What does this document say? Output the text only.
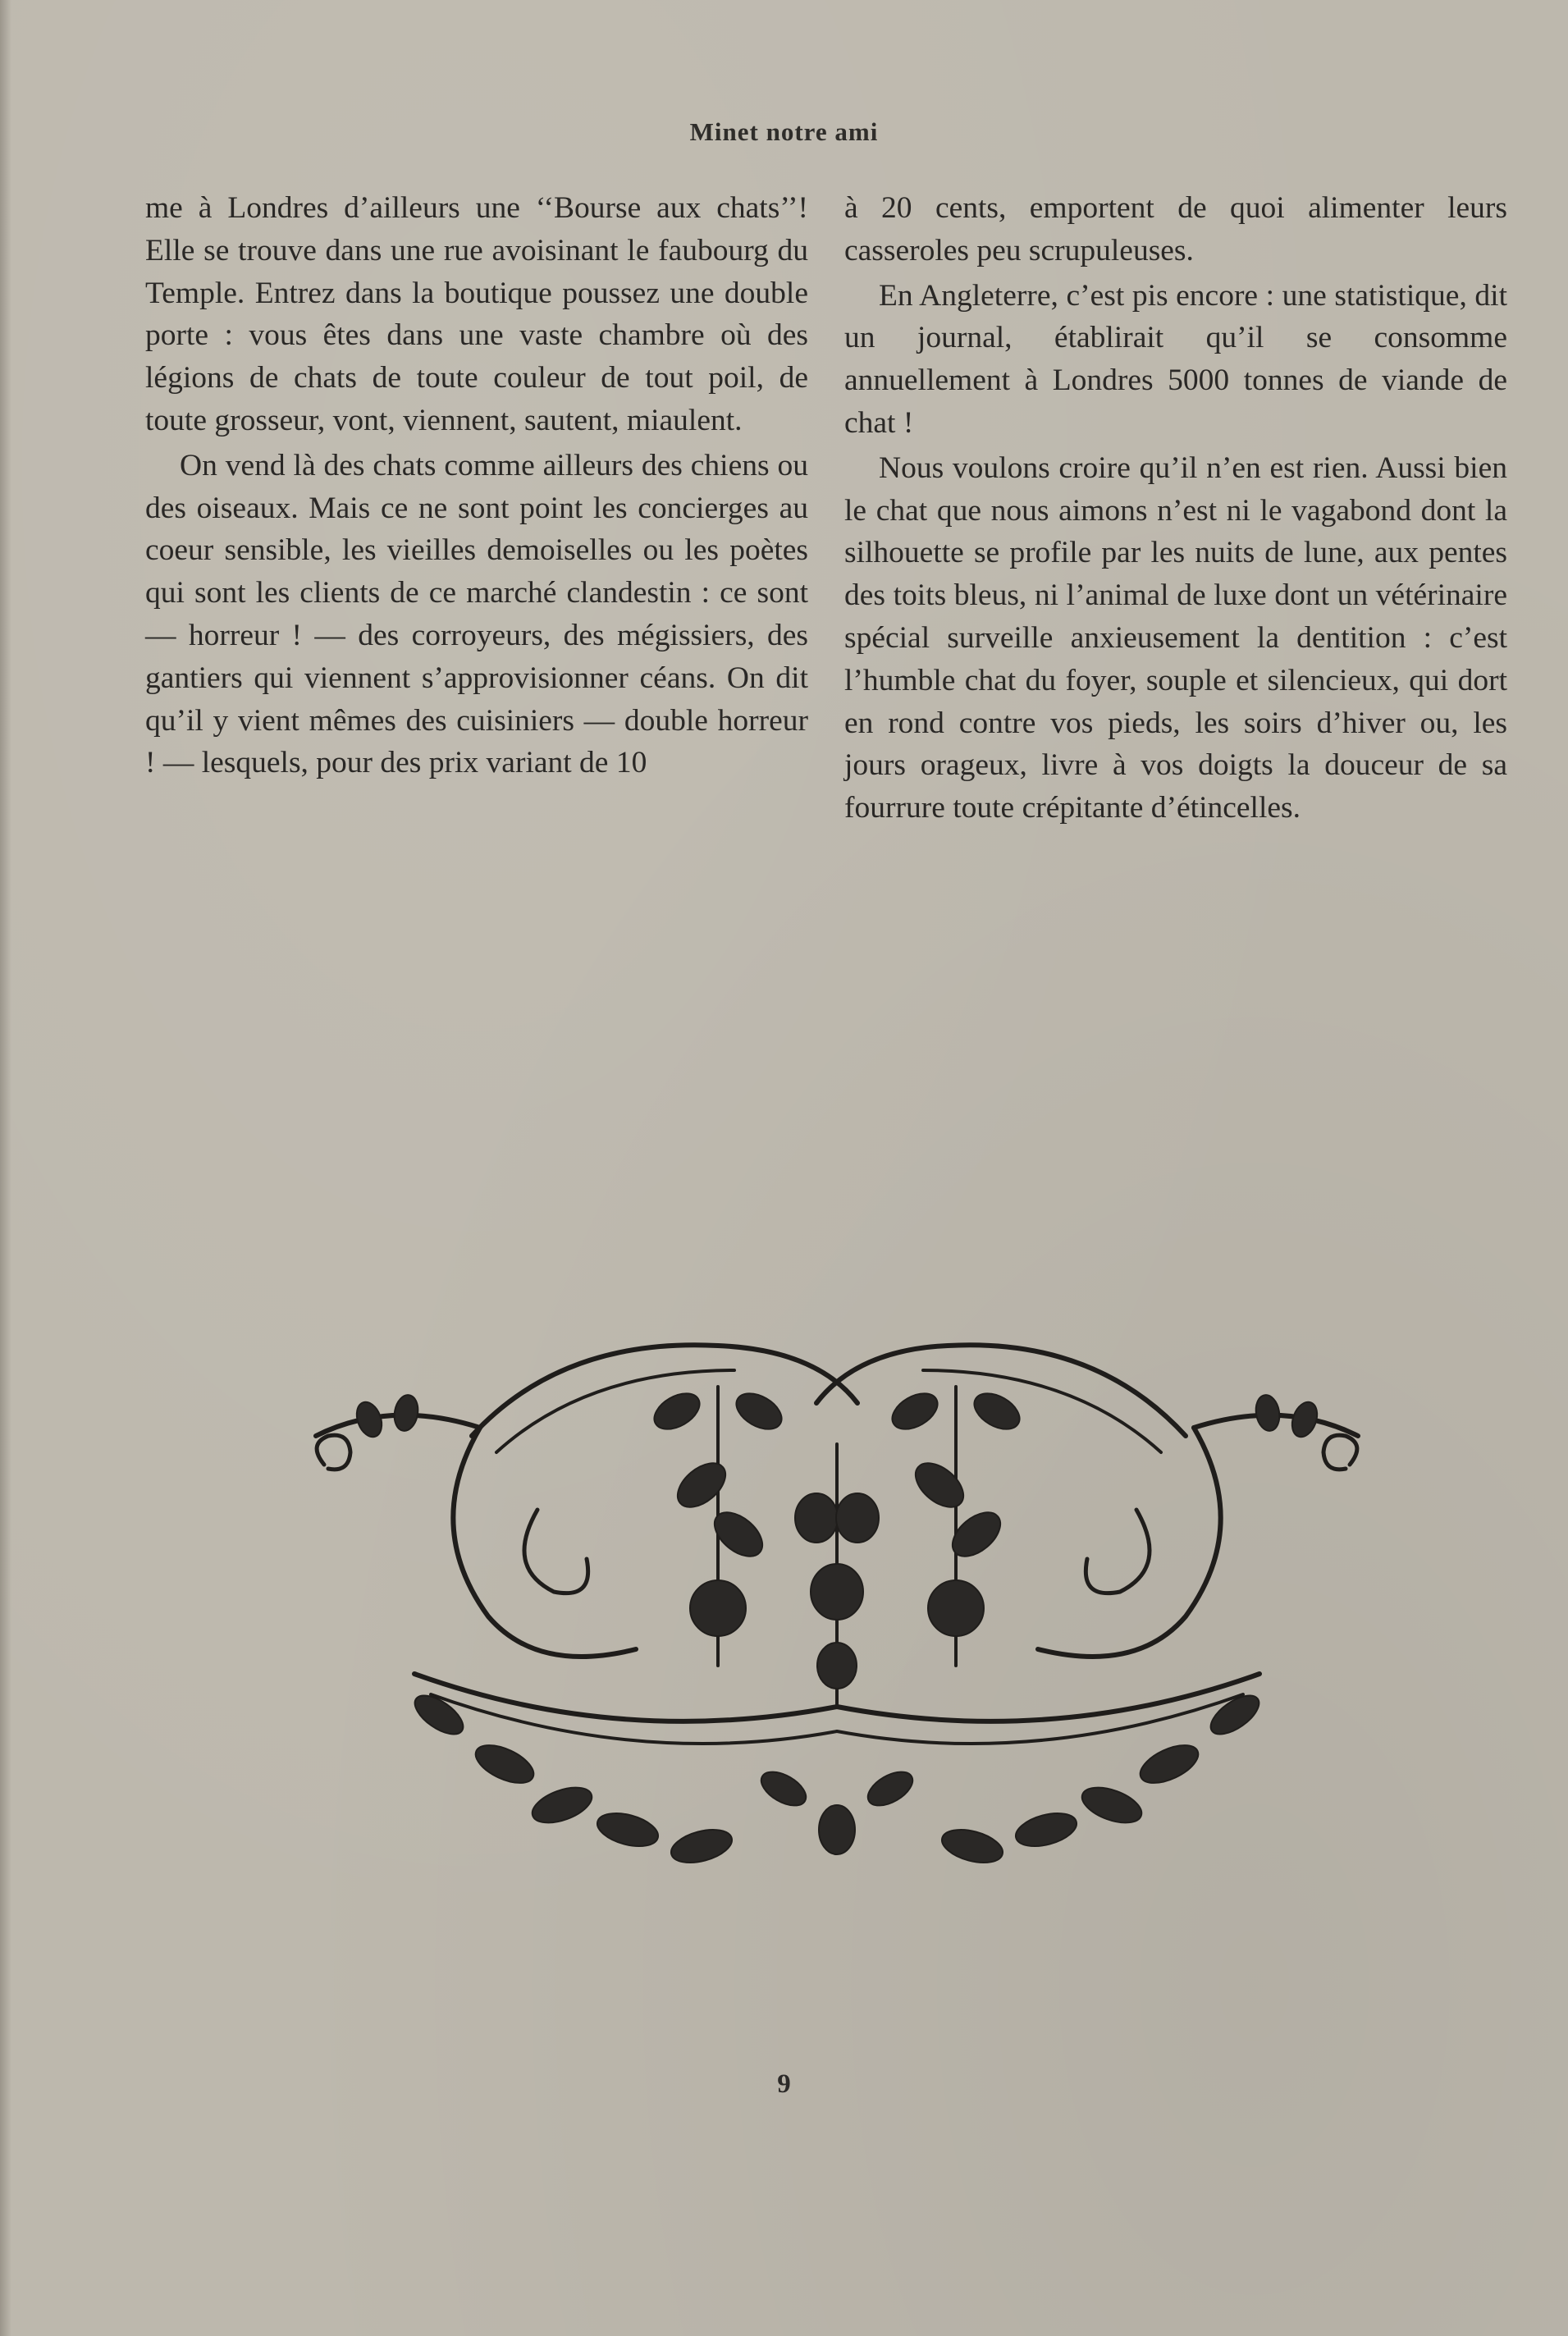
Minet notre ami

me à Londres d’ailleurs une ‘‘Bourse aux chats’’! Elle se trouve dans une rue avoisinant le faubourg du Temple. Entrez dans la boutique poussez une double porte : vous êtes dans une vaste chambre où des légions de chats de toute couleur de tout poil, de toute grosseur, vont, viennent, sautent, miaulent.

On vend là des chats comme ailleurs des chiens ou des oiseaux. Mais ce ne sont point les concierges au coeur sensible, les vieilles demoiselles ou les poètes qui sont les clients de ce marché clandestin : ce sont — horreur ! — des corroyeurs, des mégissiers, des gantiers qui viennent s’approvisionner céans. On dit qu’il y vient mêmes des cuisiniers — double horreur ! — lesquels, pour des prix variant de 10

à 20 cents, emportent de quoi alimenter leurs casseroles peu scrupuleuses.

En Angleterre, c’est pis encore : une statistique, dit un journal, établirait qu’il se consomme annuellement à Londres 5000 tonnes de viande de chat !

Nous voulons croire qu’il n’en est rien. Aussi bien le chat que nous aimons n’est ni le vagabond dont la silhouette se profile par les nuits de lune, aux pentes des toits bleus, ni l’animal de luxe dont un vétérinaire spécial surveille anxieusement la dentition : c’est l’humble chat du foyer, souple et silencieux, qui dort en rond contre vos pieds, les soirs d’hiver ou, les jours orageux, livre à vos doigts la douceur de sa fourrure toute crépitante d’étincelles.

9
